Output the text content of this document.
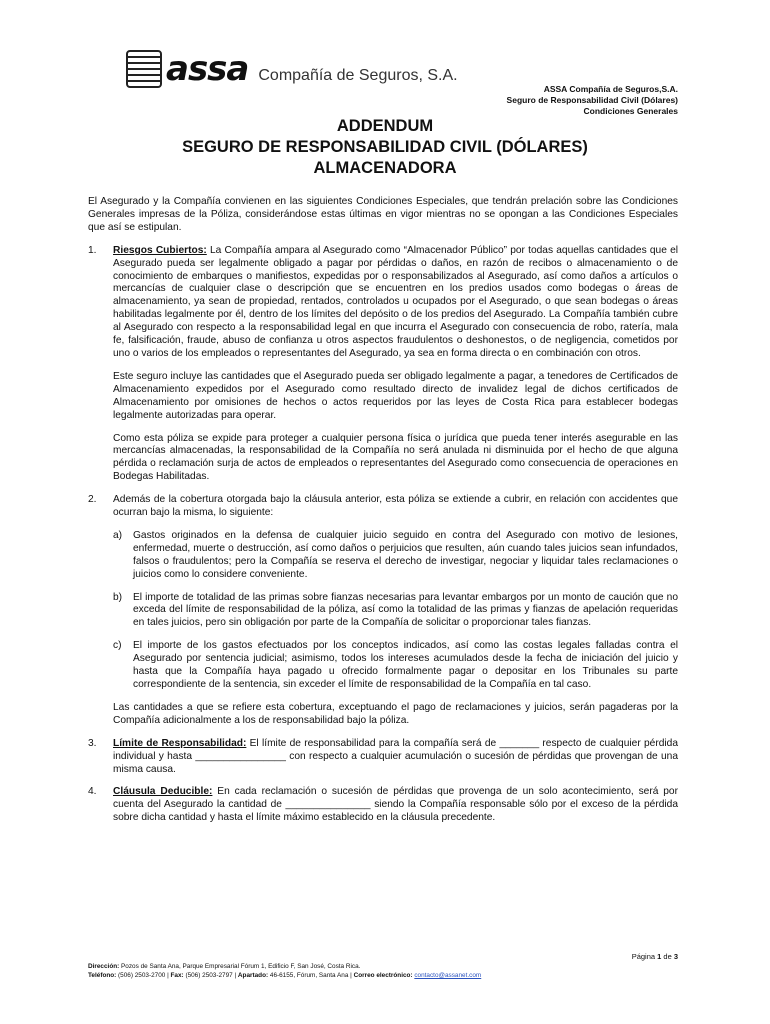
assa Compañía de Seguros, S.A.
ASSA Compañía de Seguros,S.A.
Seguro de Responsabilidad Civil (Dólares)
Condiciones Generales
ADDENDUM
SEGURO DE RESPONSABILIDAD CIVIL (DÓLARES)
ALMACENADORA

El Asegurado y la Compañía convienen en las siguientes Condiciones Especiales, que tendrán prelación sobre las Condiciones Generales impresas de la Póliza, considerándose estas últimas en vigor mientras no se opongan a las Condiciones Especiales que así se estipulan.

1.	Riesgos Cubiertos: La Compañía ampara al Asegurado como “Almacenador Público” por todas aquellas cantidades que el Asegurado pueda ser legalmente obligado a pagar por pérdidas o daños, en razón de recibos o almacenamiento o de conocimiento de embarques o manifiestos, expedidas por o responsabilizados al Asegurado, así como daños a artículos o mercancías de cualquier clase o descripción que se encuentren en los predios usados como bodegas o áreas de almacenamiento, ya sean de propiedad, rentados, controlados u ocupados por el Asegurado, o que sean bodegas o áreas habilitadas legalmente por él, dentro de los límites del depósito o de los predios del Asegurado. La Compañía también cubre al Asegurado con respecto a la responsabilidad legal en que incurra el Asegurado con consecuencia de robo, ratería, mala fe, falsificación, fraude, abuso de confianza u otros aspectos fraudulentos o deshonestos, o de negligencia, cometidos por uno o varios de los empleados o representantes del Asegurado, ya sea en forma directa o en combinación con otros.

Este seguro incluye las cantidades que el Asegurado pueda ser obligado legalmente a pagar, a tenedores de Certificados de Almacenamiento expedidos por el Asegurado como resultado directo de invalidez legal de dichos certificados de Almacenamiento por omisiones de hechos o actos requeridos por las leyes de Costa Rica para establecer bodegas legalmente autorizadas para operar.

Como esta póliza se expide para proteger a cualquier persona física o jurídica que pueda tener interés asegurable en las mercancías almacenadas, la responsabilidad de la Compañía no será anulada ni disminuida por el hecho de que alguna pérdida o reclamación surja de actos de empleados o representantes del Asegurado como consecuencia de operaciones en Bodegas Habilitadas.

2.	Además de la cobertura otorgada bajo la cláusula anterior, esta póliza se extiende a cubrir, en relación con accidentes que ocurran bajo la misma, lo siguiente:

a)	Gastos originados en la defensa de cualquier juicio seguido en contra del Asegurado con motivo de lesiones, enfermedad, muerte o destrucción, así como daños o perjuicios que resulten, aún cuando tales juicios sean infundados, falsos o fraudulentos; pero la Compañía se reserva el derecho de investigar, negociar y liquidar tales reclamaciones o juicios como lo considere conveniente.
b)	El importe de totalidad de las primas sobre fianzas necesarias para levantar embargos por un monto de caución que no exceda del límite de responsabilidad de la póliza, así como la totalidad de las primas y fianzas de apelación requeridas en tales juicios, pero sin obligación por parte de la Compañía de solicitar o proporcionar tales fianzas.
c)	El importe de los gastos efectuados por los conceptos indicados, así como las costas legales falladas contra el Asegurado por sentencia judicial; asimismo, todos los intereses acumulados desde la fecha de iniciación del juicio y hasta que la Compañía haya pagado u ofrecido formalmente pagar o depositar en los Tribunales su parte correspondiente de la sentencia, sin exceder el límite de responsabilidad de la Compañía en tal caso.

Las cantidades a que se refiere esta cobertura, exceptuando el pago de reclamaciones y juicios, serán pagaderas por la Compañía adicionalmente a los de responsabilidad bajo la póliza.

3.	Límite de Responsabilidad: El límite de responsabilidad para la compañía será de _______ respecto de cualquier pérdida individual y hasta ________________ con respecto a cualquier acumulación o sucesión de pérdidas que provengan de una misma causa.
4.	Cláusula Deducible: En cada reclamación o sucesión de pérdidas que provenga de un solo acontecimiento, será por cuenta del Asegurado la cantidad de _______________ siendo la Compañía responsable sólo por el exceso de la pérdida sobre dicha cantidad y hasta el límite máximo establecido en la cláusula precedente.
Página 1 de 3
Dirección: Pozos de Santa Ana, Parque Empresarial Fórum 1, Edificio F, San José, Costa Rica.
Teléfono: (506) 2503-2700 | Fax: (506) 2503-2797 | Apartado: 46-6155, Fórum, Santa Ana | Correo electrónico: contacto@assanet.com
